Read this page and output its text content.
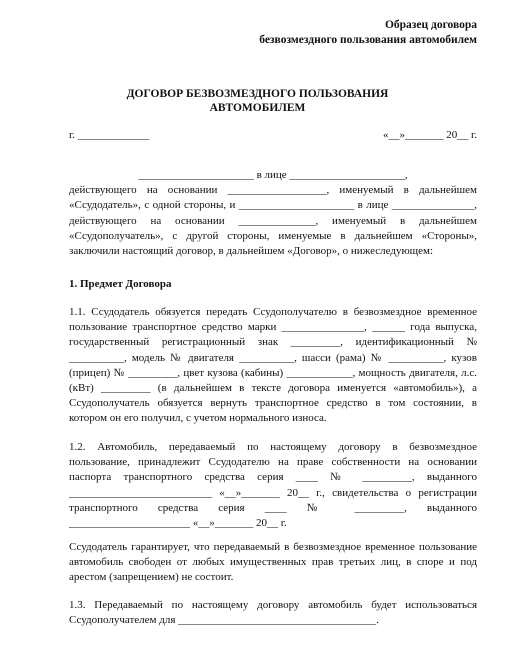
Образец договора
безвозмездного пользования автомобилем
ДОГОВОР БЕЗВОЗМЕЗДНОГО ПОЛЬЗОВАНИЯ
АВТОМОБИЛЕМ
г. _____________	«__»_______ 20__ г.

_____________________ в лице _____________________,

действующего на основании __________________, именуемый в дальнейшем «Ссудодатель», с одной стороны, и _____________________ в лице _______________, действующего на основании ______________, именуемый в дальнейшем «Ссудополучатель», с другой стороны, именуемые в дальнейшем «Стороны», заключили настоящий договор, в дальнейшем «Договор», о нижеследующем:

1. Предмет Договора

1.1. Ссудодатель обязуется передать Ссудополучателю в безвозмездное временное пользование транспортное средство марки _______________, ______ года выпуска, государственный регистрационный знак _________, идентификационный № __________, модель № двигателя __________, шасси (рама) № __________, кузов (прицеп) № _________, цвет кузова (кабины) ____________, мощность двигателя, л.с. (кВт) _________ (в дальнейшем в тексте договора именуется «автомобиль»), а Ссудополучатель обязуется вернуть транспортное средство в том состоянии, в котором он его получил, с учетом нормального износа.

1.2. Автомобиль, передаваемый по настоящему договору в безвозмездное пользование, принадлежит Ссудодателю на праве собственности на основании паспорта транспортного средства серия ____ № _________, выданного __________________________ «__»_______ 20__ г., свидетельства о регистрации транспортного средства серия ____ № _________, выданного ______________________ «__»_______ 20__ г.

Ссудодатель гарантирует, что передаваемый в безвозмездное временное пользование автомобиль свободен от любых имущественных прав третьих лиц, в споре и под арестом (запрещением) не состоит.

1.3. Передаваемый по настоящему договору автомобиль будет использоваться Ссудополучателем для ____________________________________.
